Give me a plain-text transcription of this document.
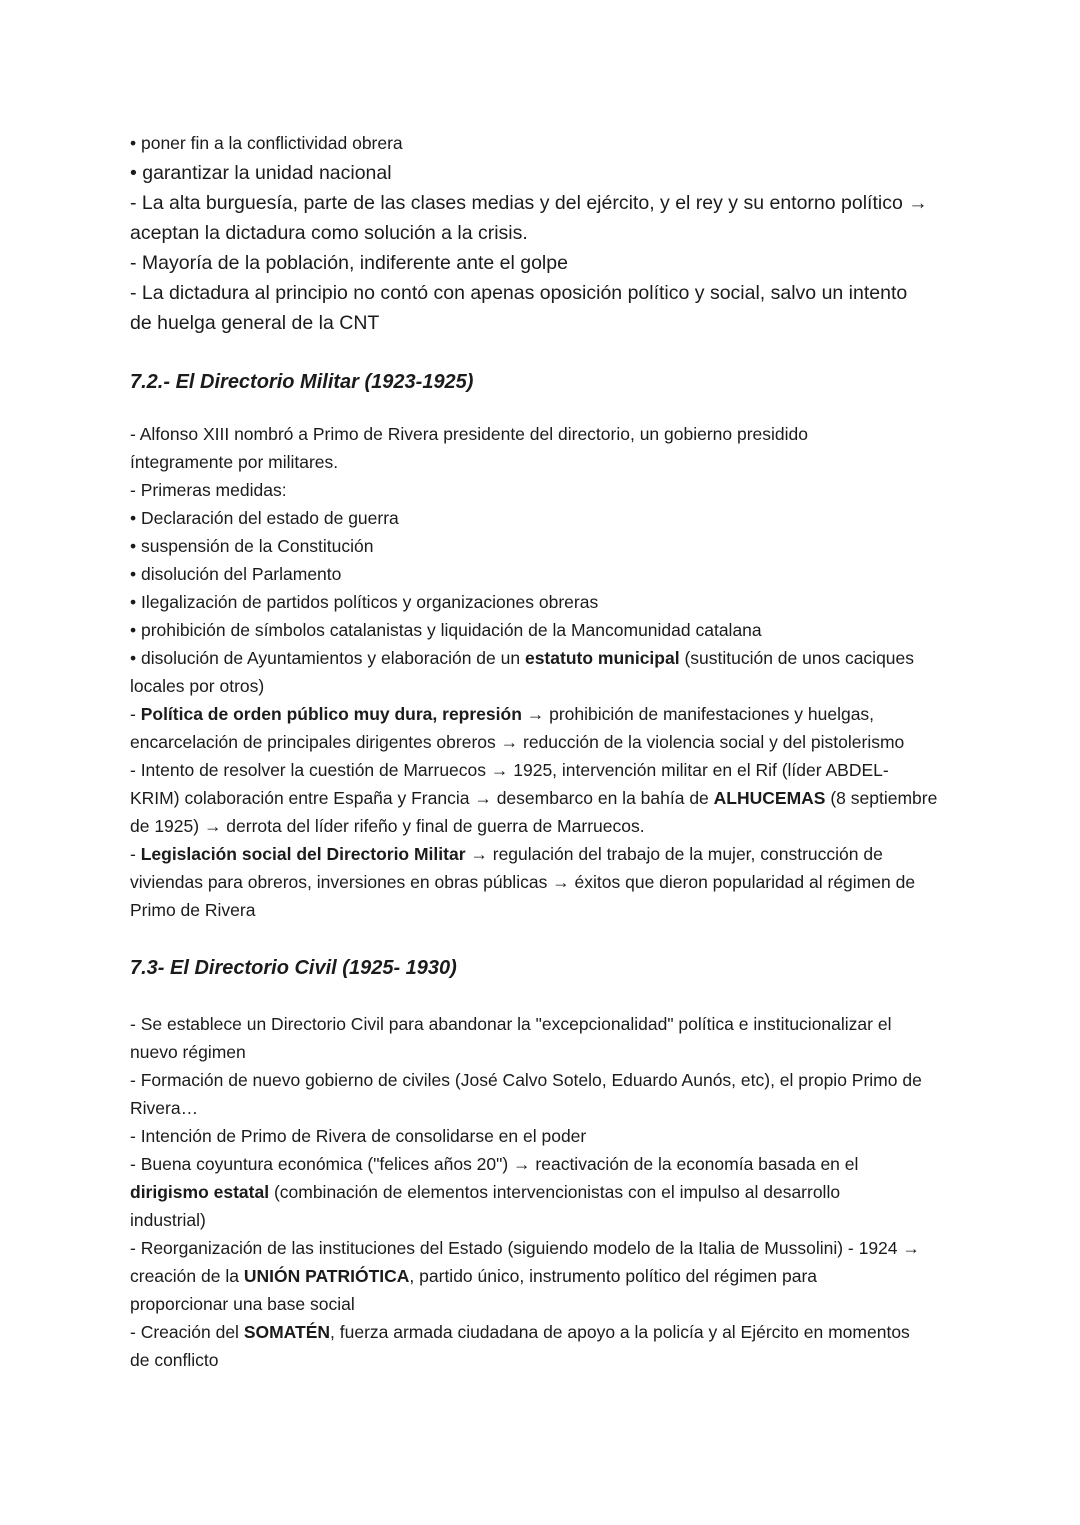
• poner fin a la conflictividad obrera
• garantizar la unidad nacional
- La alta burguesía, parte de las clases medias y del ejército, y el rey y su entorno político →
aceptan la dictadura como solución a la crisis.
- Mayoría de la población, indiferente ante el golpe
- La dictadura al principio no contó con apenas oposición político y social, salvo un intento
de huelga general de la CNT
7.2.- El Directorio Militar (1923-1925)
- Alfonso XIII nombró a Primo de Rivera presidente del directorio, un gobierno presidido
íntegramente por militares.
- Primeras medidas:
• Declaración del estado de guerra
• suspensión de la Constitución
• disolución del Parlamento
• Ilegalización de partidos políticos y organizaciones obreras
• prohibición de símbolos catalanistas y liquidación de la Mancomunidad catalana
• disolución de Ayuntamientos y elaboración de un estatuto municipal (sustitución de unos caciques
locales por otros)
- Política de orden público muy dura, represión → prohibición de manifestaciones y huelgas,
encarcelación de principales dirigentes obreros → reducción de la violencia social y del pistolerismo
- Intento de resolver la cuestión de Marruecos → 1925, intervención militar en el Rif (líder ABDEL-
KRIM) colaboración entre España y Francia → desembarco en la bahía de ALHUCEMAS (8 septiembre
de 1925) → derrota del líder rifeño y final de guerra de Marruecos.
- Legislación social del Directorio Militar → regulación del trabajo de la mujer, construcción de
viviendas para obreros, inversiones en obras públicas → éxitos que dieron popularidad al régimen de
Primo de Rivera
7.3- El Directorio Civil (1925- 1930)
- Se establece un Directorio Civil para abandonar la "excepcionalidad" política e institucionalizar el
nuevo régimen
- Formación de nuevo gobierno de civiles (José Calvo Sotelo, Eduardo Aunós, etc), el propio Primo de
Rivera…
- Intención de Primo de Rivera de consolidarse en el poder
- Buena coyuntura económica ("felices años 20") → reactivación de la economía basada en el
dirigismo estatal (combinación de elementos intervencionistas con el impulso al desarrollo
industrial)
- Reorganización de las instituciones del Estado (siguiendo modelo de la Italia de Mussolini) - 1924 →
creación de la UNIÓN PATRIÓTICA, partido único, instrumento político del régimen para
proporcionar una base social
- Creación del SOMATÉN, fuerza armada ciudadana de apoyo a la policía y al Ejército en momentos
de conflicto
